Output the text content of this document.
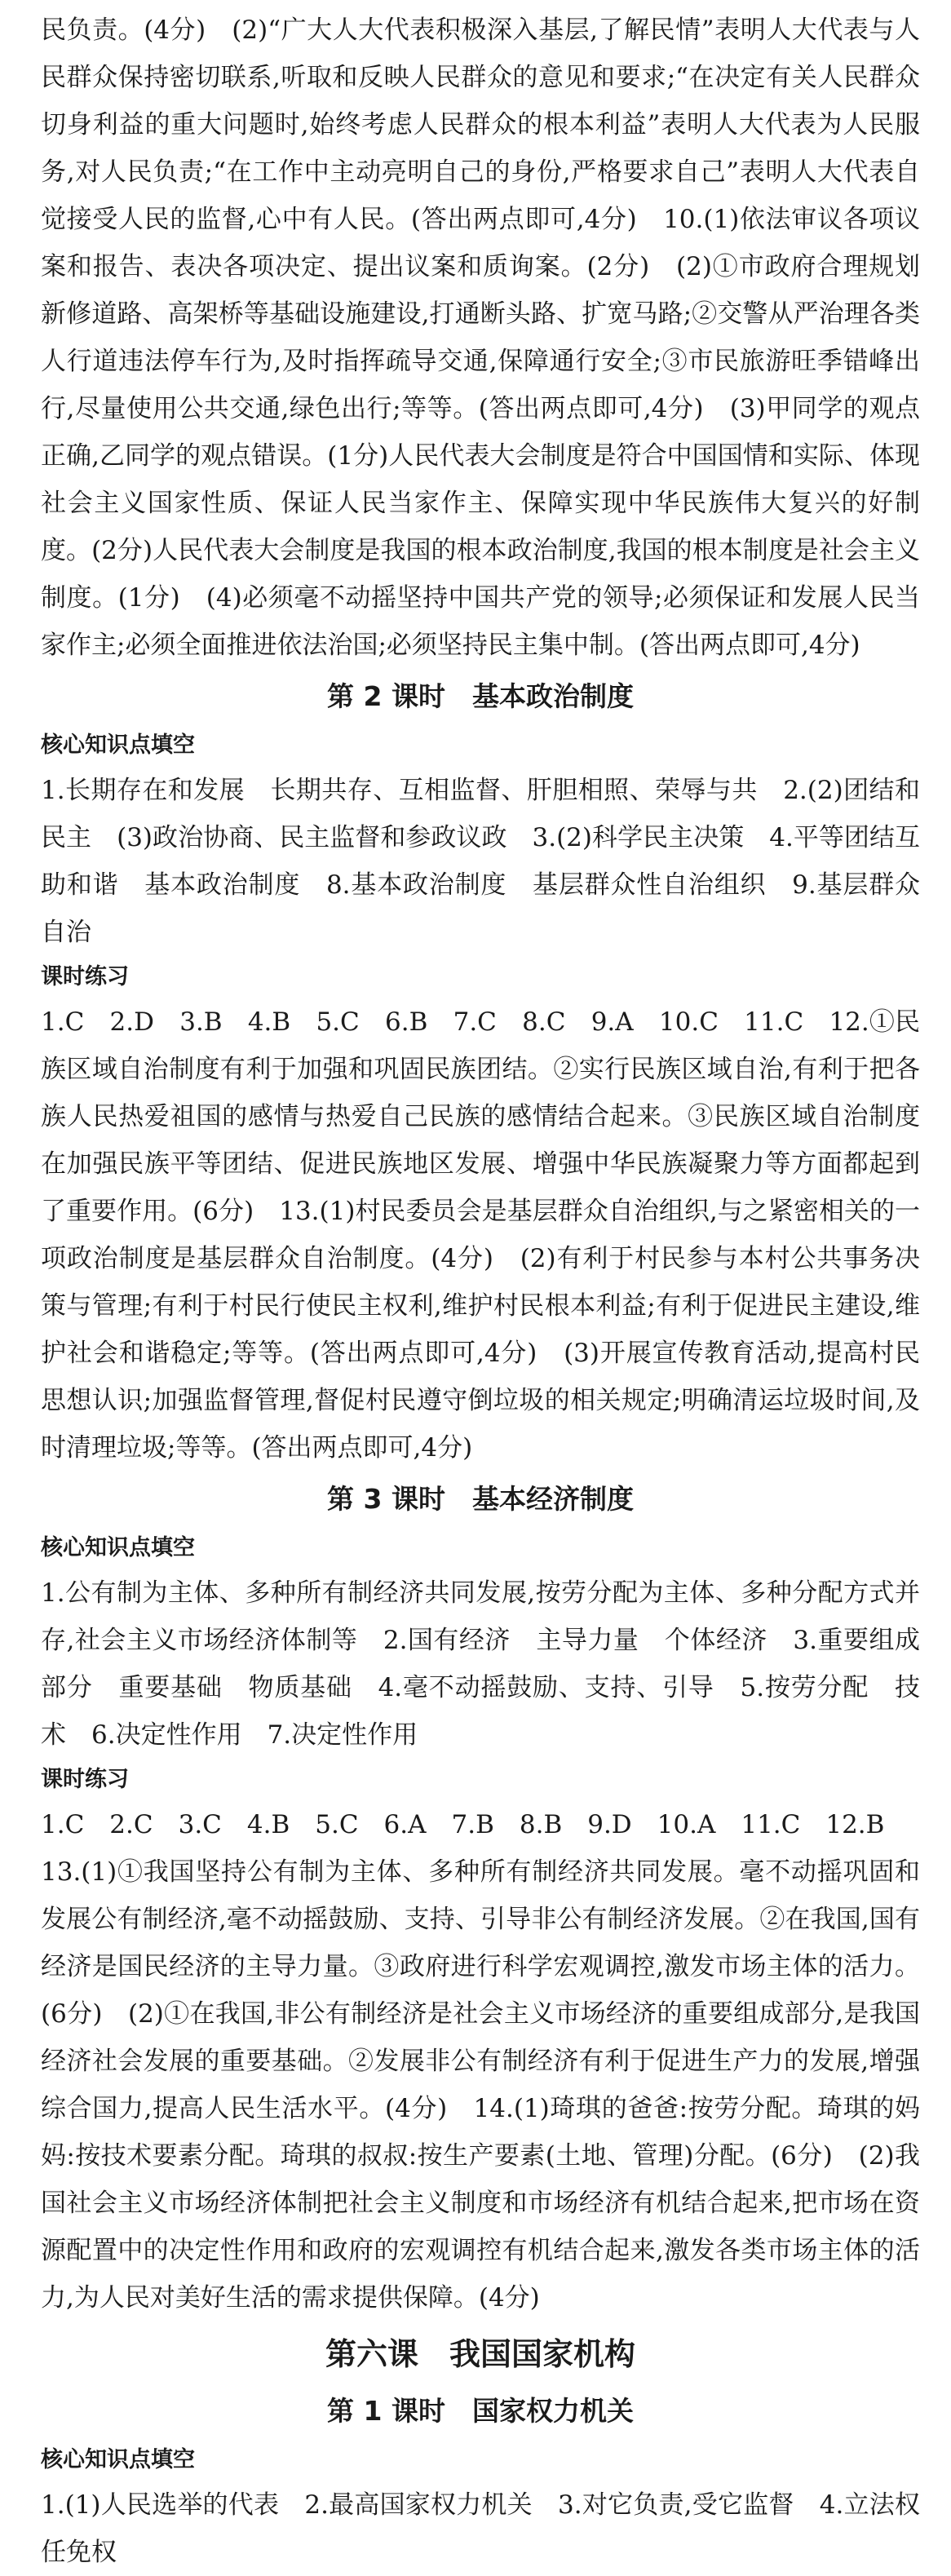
民负责。(4分)　(2)“广大人大代表积极深入基层,了解民情”表明人大代表与人民群众保持密切联系,听取和反映人民群众的意见和要求;“在决定有关人民群众切身利益的重大问题时,始终考虑人民群众的根本利益”表明人大代表为人民服务,对人民负责;“在工作中主动亮明自己的身份,严格要求自己”表明人大代表自觉接受人民的监督,心中有人民。(答出两点即可,4分)　10.(1)依法审议各项议案和报告、表决各项决定、提出议案和质询案。(2分)　(2)①市政府合理规划新修道路、高架桥等基础设施建设,打通断头路、扩宽马路;②交警从严治理各类人行道违法停车行为,及时指挥疏导交通,保障通行安全;③市民旅游旺季错峰出行,尽量使用公共交通,绿色出行;等等。(答出两点即可,4分)　(3)甲同学的观点正确,乙同学的观点错误。(1分)人民代表大会制度是符合中国国情和实际、体现社会主义国家性质、保证人民当家作主、保障实现中华民族伟大复兴的好制度。(2分)人民代表大会制度是我国的根本政治制度,我国的根本制度是社会主义制度。(1分)　(4)必须毫不动摇坚持中国共产党的领导;必须保证和发展人民当家作主;必须全面推进依法治国;必须坚持民主集中制。(答出两点即可,4分)

第 2 课时　基本政治制度
核心知识点填空

1.长期存在和发展　长期共存、互相监督、肝胆相照、荣辱与共　2.(2)团结和民主　(3)政治协商、民主监督和参政议政　3.(2)科学民主决策　4.平等团结互助和谐　基本政治制度　8.基本政治制度　基层群众性自治组织　9.基层群众自治

课时练习

1.C　2.D　3.B　4.B　5.C　6.B　7.C　8.C　9.A　10.C　11.C　12.①民族区域自治制度有利于加强和巩固民族团结。②实行民族区域自治,有利于把各族人民热爱祖国的感情与热爱自己民族的感情结合起来。③民族区域自治制度在加强民族平等团结、促进民族地区发展、增强中华民族凝聚力等方面都起到了重要作用。(6分)　13.(1)村民委员会是基层群众自治组织,与之紧密相关的一项政治制度是基层群众自治制度。(4分)　(2)有利于村民参与本村公共事务决策与管理;有利于村民行使民主权利,维护村民根本利益;有利于促进民主建设,维护社会和谐稳定;等等。(答出两点即可,4分)　(3)开展宣传教育活动,提高村民思想认识;加强监督管理,督促村民遵守倒垃圾的相关规定;明确清运垃圾时间,及时清理垃圾;等等。(答出两点即可,4分)

第 3 课时　基本经济制度
核心知识点填空

1.公有制为主体、多种所有制经济共同发展,按劳分配为主体、多种分配方式并存,社会主义市场经济体制等　2.国有经济　主导力量　个体经济　3.重要组成部分　重要基础　物质基础　4.毫不动摇鼓励、支持、引导　5.按劳分配　技术　6.决定性作用　7.决定性作用

课时练习

1.C　2.C　3.C　4.B　5.C　6.A　7.B　8.B　9.D　10.A　11.C　12.B

13.(1)①我国坚持公有制为主体、多种所有制经济共同发展。毫不动摇巩固和发展公有制经济,毫不动摇鼓励、支持、引导非公有制经济发展。②在我国,国有经济是国民经济的主导力量。③政府进行科学宏观调控,激发市场主体的活力。(6分)　(2)①在我国,非公有制经济是社会主义市场经济的重要组成部分,是我国经济社会发展的重要基础。②发展非公有制经济有利于促进生产力的发展,增强综合国力,提高人民生活水平。(4分)　14.(1)琦琪的爸爸:按劳分配。琦琪的妈妈:按技术要素分配。琦琪的叔叔:按生产要素(土地、管理)分配。(6分)　(2)我国社会主义市场经济体制把社会主义制度和市场经济有机结合起来,把市场在资源配置中的决定性作用和政府的宏观调控有机结合起来,激发各类市场主体的活力,为人民对美好生活的需求提供保障。(4分)

第六课　我国国家机构
第 1 课时　国家权力机关
核心知识点填空

1.(1)人民选举的代表　2.最高国家权力机关　3.对它负责,受它监督　4.立法权　任免权
